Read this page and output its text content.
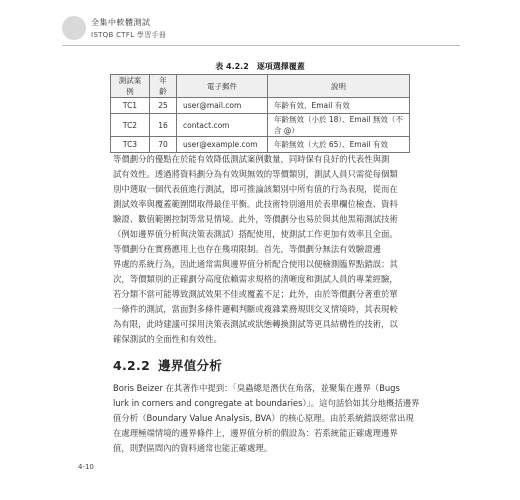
全集中軟體測試
ISTQB CTFL 學習手冊
表 4.2.2　逐項選擇覆蓋
測試案例	年齡	電子郵件	說明
TC1	25	user@mail.com	年齡有效、Email 有效
TC2	16	contact.com	年齡無效（小於 18）、Email 無效（不含 @）
TC3	70	user@example.com	年齡無效（大於 65）、Email 有效

等價劃分的優點在於能有效降低測試案例數量，同時保有良好的代表性與測
試有效性。透過將資料劃分為有效與無效的等價類別，測試人員只需從每個類
別中選取一個代表值進行測試，即可推論該類別中所有值的行為表現，從而在
測試效率與覆蓋範圍間取得最佳平衡。此技術特別適用於表單欄位檢查、資料
驗證、數值範圍控制等常見情境。此外，等價劃分也易於與其他黑箱測試技術
（例如邊界值分析與決策表測試）搭配使用，使測試工作更加有效率且全面。

等價劃分在實務應用上也存在幾項限制。首先，等價劃分無法有效驗證邊
界處的系統行為，因此通常需與邊界值分析配合使用以便檢測臨界點錯誤；其
次，等價類別的正確劃分高度依賴需求規格的清晰度和測試人員的專業經驗，
若分類不當可能導致測試效果不佳或覆蓋不足；此外，由於等價劃分著重於單
一條件的測試，當面對多條件邏輯判斷或複雜業務規則交叉情境時，其表現較
為有限，此時建議可採用決策表測試或狀態轉換測試等更具結構性的技術，以
確保測試的全面性和有效性。

4.2.2 邊界值分析

Boris Beizer 在其著作中提到：「臭蟲總是潛伏在角落，並聚集在邊界（Bugs
lurk in corners and congregate at boundaries）」。這句話恰如其分地概括邊界
值分析（Boundary Value Analysis, BVA）的核心原理。由於系統錯誤經常出現
在處理極端情境的邊界條件上，邊界值分析的假設為：若系統能正確處理邊界
值，則對區間內的資料通常也能正確處理。

4-10
